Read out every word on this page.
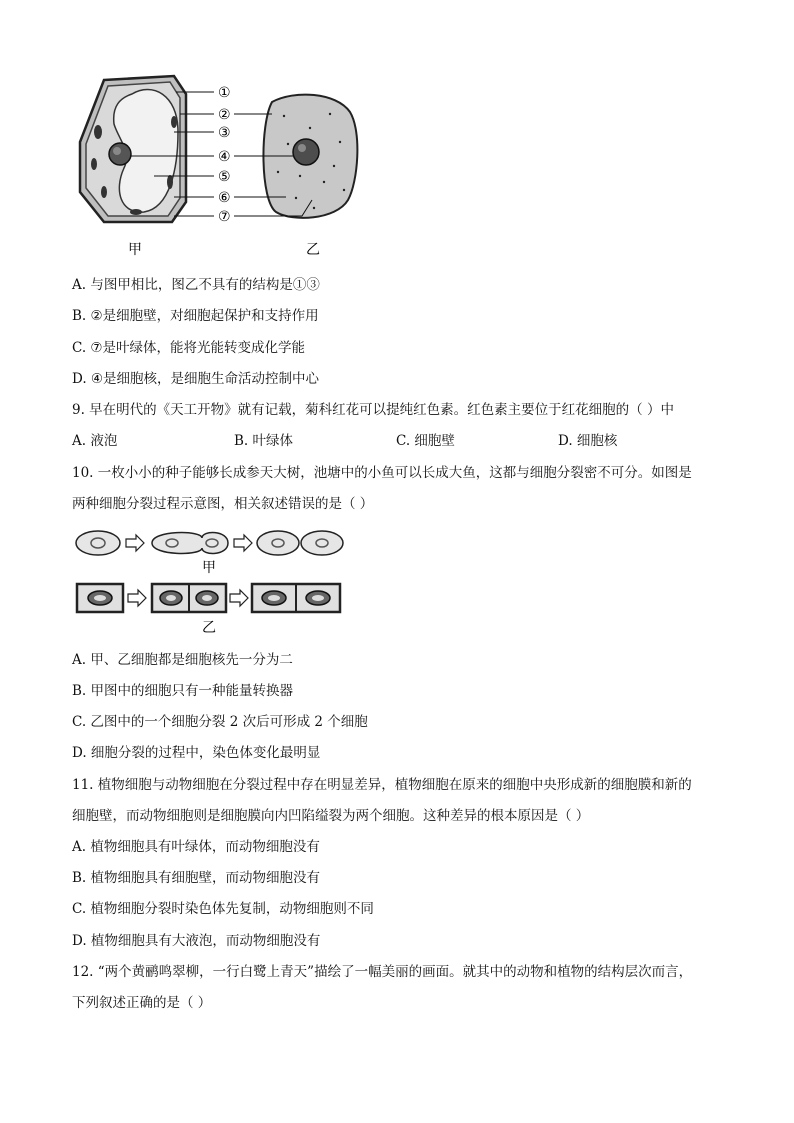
①
②
③
④
⑤
⑥
⑦
甲	乙
A. 与图甲相比，图乙不具有的结构是①③
B. ②是细胞壁，对细胞起保护和支持作用
C. ⑦是叶绿体，能将光能转变成化学能
D. ④是细胞核，是细胞生命活动控制中心
9. 早在明代的《天工开物》就有记载，菊科红花可以提纯红色素。红色素主要位于红花细胞的（ ）中
A. 液泡	B. 叶绿体	C. 细胞壁	D. 细胞核
10. 一枚小小的种子能够长成参天大树，池塘中的小鱼可以长成大鱼，这都与细胞分裂密不可分。如图是
两种细胞分裂过程示意图，相关叙述错误的是（ ）
甲
乙
A. 甲、乙细胞都是细胞核先一分为二
B. 甲图中的细胞只有一种能量转换器
C. 乙图中的一个细胞分裂 2 次后可形成 2 个细胞
D. 细胞分裂的过程中，染色体变化最明显
11. 植物细胞与动物细胞在分裂过程中存在明显差异，植物细胞在原来的细胞中央形成新的细胞膜和新的
细胞壁，而动物细胞则是细胞膜向内凹陷缢裂为两个细胞。这种差异的根本原因是（ ）
A. 植物细胞具有叶绿体，而动物细胞没有
B. 植物细胞具有细胞壁，而动物细胞没有
C. 植物细胞分裂时染色体先复制，动物细胞则不同
D. 植物细胞具有大液泡，而动物细胞没有
12. “两个黄鹂鸣翠柳，一行白鹭上青天”描绘了一幅美丽的画面。就其中的动物和植物的结构层次而言，
下列叙述正确的是（ ）
